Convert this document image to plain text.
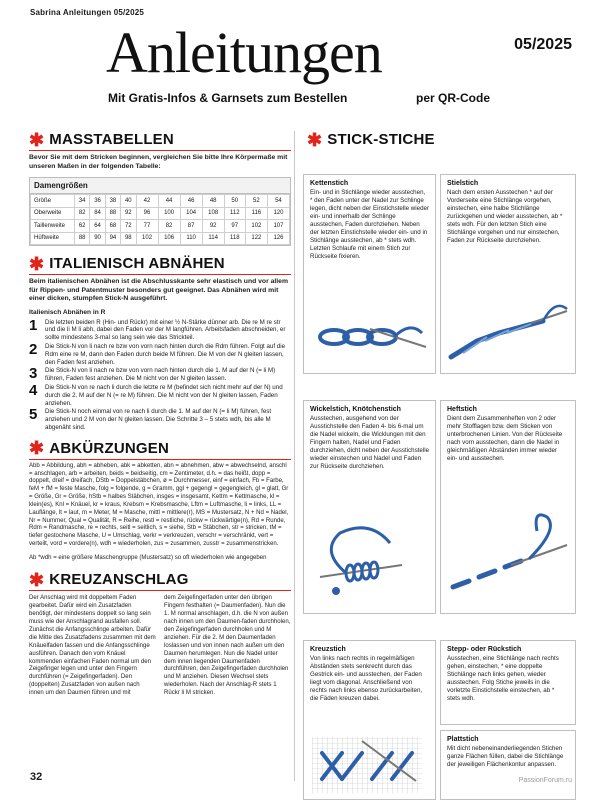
Sabrina Anleitungen 05/2025
Anleitungen	05/2025
Mit Gratis-Infos & Garnsets zum Bestellen	per QR-Code
✱ MASSTABELLEN
Bevor Sie mit dem Stricken beginnen, vergleichen Sie bitte Ihre Körpermaße mit unseren Maßen in der folgenden Tabelle:
Damengrößen
Größe	34	36	38	40	42	44	46	48	50	52	54
Oberweite	82	84	88	92	96	100	104	108	112	116	120
Taillenweite	62	64	68	72	77	82	87	92	97	102	107
Hüftweite	88	90	94	98	102	106	110	114	118	122	126
✱ ITALIENISCH ABNÄHEN
Beim italienischen Abnähen ist die Abschlusskante sehr elastisch und vor allem für Rippen- und Patentmuster besonders gut geeignet. Das Abnähen wird mit einer dicken, stumpfen Stick-N ausgeführt.
Italienisch Abnähen in R
1	Die letzten beiden R (Hin- und Rückr) mit einer ½ N-Stärke dünner arb. Die re M re str und die li M li abh, dabei den Faden vor der M langführen. Arbeitsfaden abschneiden, er sollte mindestens 3-mal so lang sein wie das Strickteil.
2	Die Stick-N von li nach re bzw von vorn nach hinten durch die Rdm führen. Folgt auf die Rdm eine re M, dann den Faden durch beide M führen. Die M von der N gleiten lassen, den Faden fest anziehen.
3	Die Stick-N von li nach re bzw von vorn nach hinten durch die 1. M auf der N (= li M) führen, Faden fest anziehen. Die M nicht von der N gleiten lassen.
4	Die Stick-N von re nach li durch die letzte re M (befindet sich nicht mehr auf der N) und durch die 2. M auf der N (= re M) führen. Die M nicht von der N gleiten lassen, Faden anziehen.
5	Die Stick-N noch einmal von re nach li durch die 1. M auf der N (= li M) führen, fest anziehen und 2 M von der N gleiten lassen. Die Schritte 3 – 5 stets wdh, bis alle M abgenäht sind.
✱ ABKÜRZUNGEN
Abb = Abbildung, abh = abheben, abk = abketten, abn = abnehmen, abw = abwechselnd, anschl = anschlagen, arb = arbeiten, beids = beidseitig, cm = Zentimeter, d.h. = das heißt, dopp = doppelt, dreif = dreifach, DStb = Doppelstäbchen, ø = Durchmesser, einf = einfach, Fb = Farbe, feM + fM = feste Masche, folg = folgende, g = Gramm, ggl + gegengl = gegengleich, gl = glatt, Gr = Größe, Gr = Größe, hStb = halbes Stäbchen, insges = insgesamt, Kettm = Kettmasche, kl = klein(es), Knl = Knäuel, kr = kraus, Krebsm = Krebsmasche, Lftm = Luftmasche, li = links, LL = Lauflänge, lt = laut, m = Meter, M = Masche, mittl = mittlere(r), MS = Mustersatz, N + Nd = Nadel, Nr = Nummer, Qual = Qualität, R = Reihe, restl = restliche, rückw = rückwärtige(n), Rd = Runde, Rdm = Randmasche, re = rechts, seitl = seitlich, s = siehe, Stb = Stäbchen, str = stricken, tM = tiefer gestochene Masche, U = Umschlag, verkr = verkreuzen, verschr = verschränkt, vert = verteilt, vord = vordere(n), wdh = wiederholen, zus = zusammen, zusstr = zusammenstricken.
Ab *wdh = eine größere Maschengruppe (Mustersatz) so oft wiederholen wie angegeben
✱ KREUZANSCHLAG
Der Anschlag wird mit doppeltem Faden gearbeitet. Dafür wird ein Zusatzfaden benötigt, der mindestens doppelt so lang sein muss wie der Anschlagrand ausfallen soll. Zunächst die Anfangsschlinge arbeiten. Dafür die Mitte des Zusatzfadens zusammen mit dem Knäuelfaden fassen und die Anfangsschlinge ausführen. Danach den vom Knäuel kommenden einfachen Faden normal um den Zeigefinger legen und unter den Fingern durchführen (= Zeigefingerfaden). Den (doppelten) Zusatzfaden von außen nach innen um den Daumen führen und mit
dem Zeigefingerfaden unter den übrigen Fingern festhalten (= Daumenfaden). Nun die 1. M normal anschlagen, d.h. die N von außen nach innen um den Daumen-faden durchholen, den Zeigefingerfaden durchholen und M anziehen. Für die 2. M den Daumenfaden loslassen und von innen nach außen um den Daumen herumlegen. Nun die Nadel unter dem innen liegenden Daumenfaden durchführen, den Zeigefingerfaden durchholen und M anziehen. Diesen Wechsel stets wiederholen. Nach der Anschlag-R stets 1 Rückr li M stricken.
✱ STICK-STICHE
Kettenstich
Ein- und in Stichlänge wieder ausstechen, * den Faden unter der Nadel zur Schlinge legen, dicht neben der Einstichstelle wieder ein- und innerhalb der Schlinge ausstechen, Faden durchziehen. Neben der letzten Einstichstelle wieder ein- und in Stichlänge ausstechen, ab * stets wdh. Letzten Schlaufe mit einem Stich zur Rückseite fixieren.
Stielstich
Nach dem ersten Ausstechen * auf der Vorderseite eine Stichlänge vorgehen, einstechen, eine halbe Stichlänge zurückgehen und wieder ausstechen, ab * stets wdh. Für den letzten Stich eine Stichlänge vorgehen und nur einstechen, Faden zur Rückseite durchziehen.
Wickelstich, Knötchenstich
Ausstechen, ausgehend von der Ausstichstelle den Faden 4- bis 6-mal um die Nadel wickeln, die Wicklungen mit den Fingern halten, Nadel und Faden durchziehen, dicht neben der Ausstichstelle wieder einstechen und Nadel und Faden zur Rückseite durchziehen.
Heftstich
Dient dem Zusammenheften von 2 oder mehr Stofflagen bzw. dem Sticken von unterbrochenen Linien. Von der Rückseite nach vorn ausstechen, dann die Nadel in gleichmäßigen Abständen immer wieder ein- und ausstechen.
Kreuzstich
Von links nach rechts in regelmäßigen Abständen stets senkrecht durch das Gestrick ein- und ausstechen, der Faden liegt vom diagonal. Anschließend von rechts nach links ebenso zurückarbeiten, die Fäden kreuzen dabei.
Stepp- oder Rückstich
Ausstechen, eine Stichlänge nach rechts gehen, einstechen, * eine doppelte Stichlänge nach links gehen, wieder ausstechen. Folg Stiche jeweils in die vorletzte Einstichstelle einstechen, ab * stets wdh.
Plattstich
Mit dicht nebeneinanderliegenden Stichen ganze Flächen füllen, dabei die Stichlänge der jeweiligen Flächenkontur anpassen.
32	PassionForum.ru
